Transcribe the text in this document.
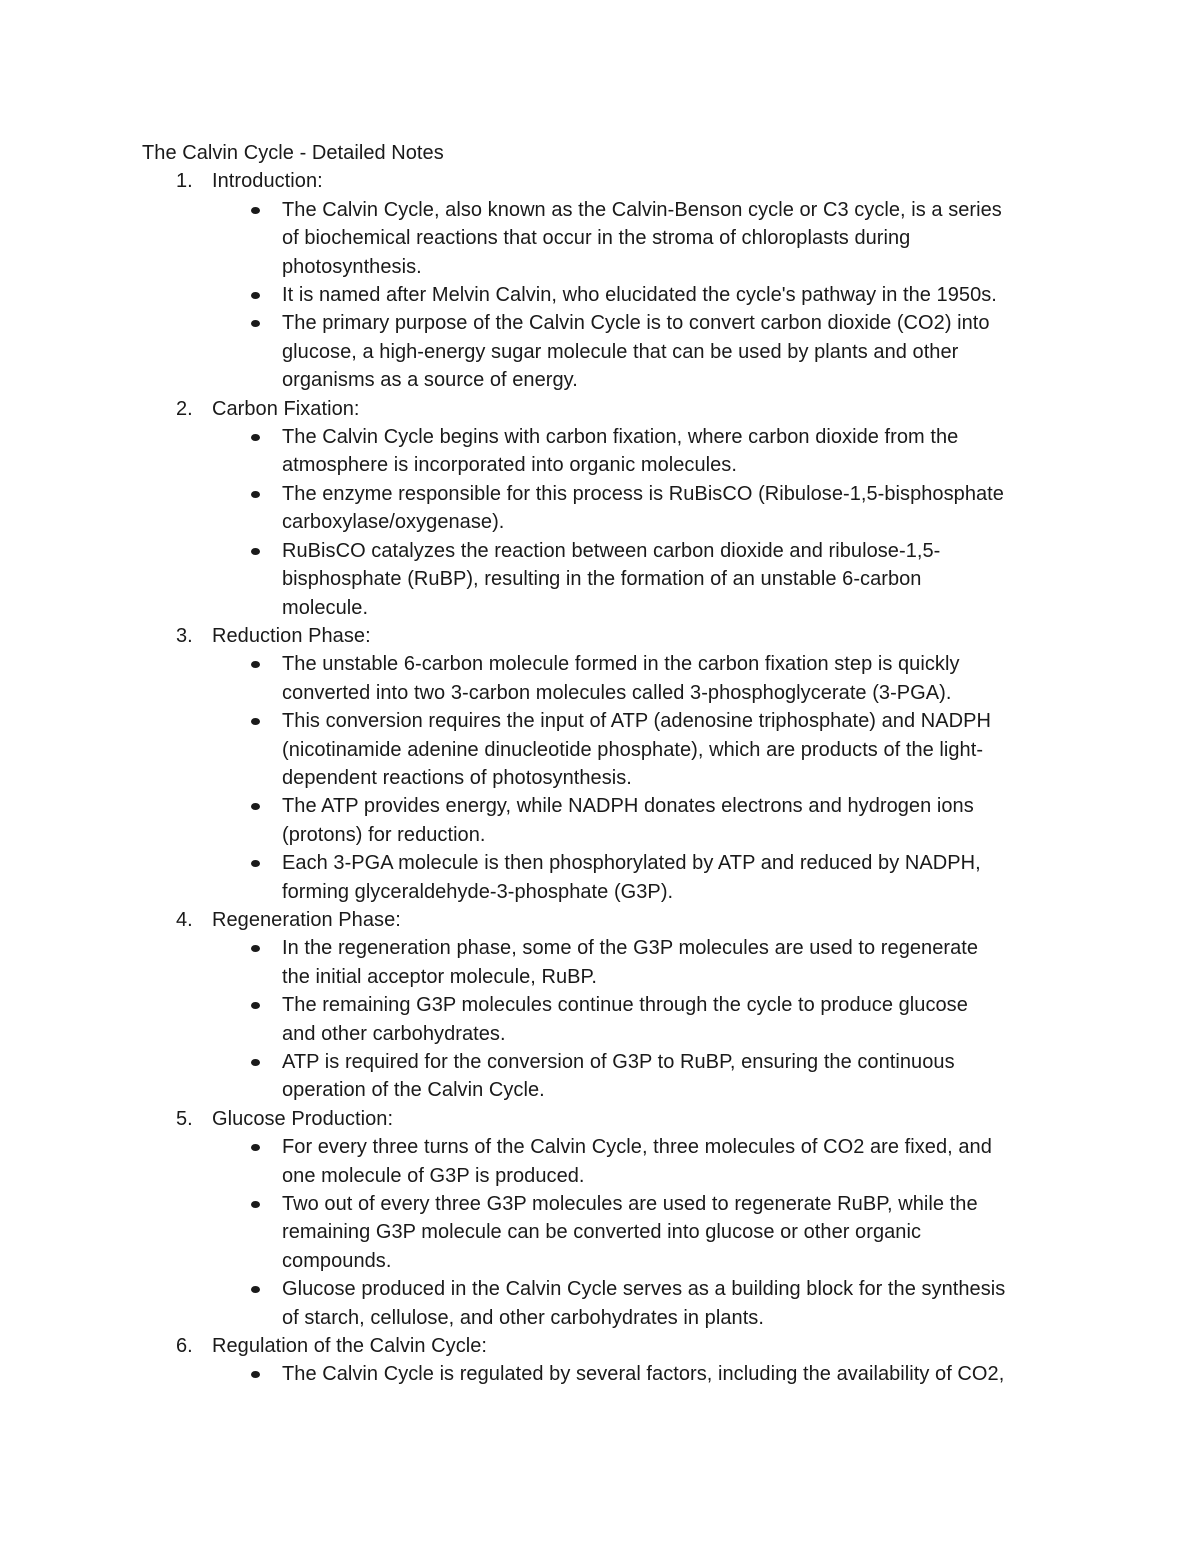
The Calvin Cycle - Detailed Notes
1. Introduction:
The Calvin Cycle, also known as the Calvin-Benson cycle or C3 cycle, is a series
of biochemical reactions that occur in the stroma of chloroplasts during
photosynthesis.
It is named after Melvin Calvin, who elucidated the cycle's pathway in the 1950s.
The primary purpose of the Calvin Cycle is to convert carbon dioxide (CO2) into
glucose, a high-energy sugar molecule that can be used by plants and other
organisms as a source of energy.
2. Carbon Fixation:
The Calvin Cycle begins with carbon fixation, where carbon dioxide from the
atmosphere is incorporated into organic molecules.
The enzyme responsible for this process is RuBisCO (Ribulose-1,5-bisphosphate
carboxylase/oxygenase).
RuBisCO catalyzes the reaction between carbon dioxide and ribulose-1,5-
bisphosphate (RuBP), resulting in the formation of an unstable 6-carbon
molecule.
3. Reduction Phase:
The unstable 6-carbon molecule formed in the carbon fixation step is quickly
converted into two 3-carbon molecules called 3-phosphoglycerate (3-PGA).
This conversion requires the input of ATP (adenosine triphosphate) and NADPH
(nicotinamide adenine dinucleotide phosphate), which are products of the light-
dependent reactions of photosynthesis.
The ATP provides energy, while NADPH donates electrons and hydrogen ions
(protons) for reduction.
Each 3-PGA molecule is then phosphorylated by ATP and reduced by NADPH,
forming glyceraldehyde-3-phosphate (G3P).
4. Regeneration Phase:
In the regeneration phase, some of the G3P molecules are used to regenerate
the initial acceptor molecule, RuBP.
The remaining G3P molecules continue through the cycle to produce glucose
and other carbohydrates.
ATP is required for the conversion of G3P to RuBP, ensuring the continuous
operation of the Calvin Cycle.
5. Glucose Production:
For every three turns of the Calvin Cycle, three molecules of CO2 are fixed, and
one molecule of G3P is produced.
Two out of every three G3P molecules are used to regenerate RuBP, while the
remaining G3P molecule can be converted into glucose or other organic
compounds.
Glucose produced in the Calvin Cycle serves as a building block for the synthesis
of starch, cellulose, and other carbohydrates in plants.
6. Regulation of the Calvin Cycle:
The Calvin Cycle is regulated by several factors, including the availability of CO2,
